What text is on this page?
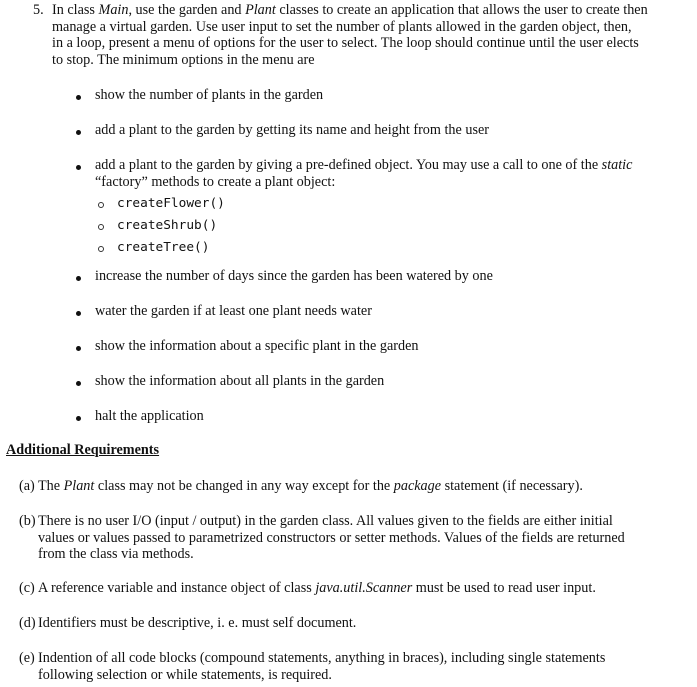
5. In class Main, use the garden and Plant classes to create an application that allows the user to create then
manage a virtual garden. Use user input to set the number of plants allowed in the garden object, then,
in a loop, present a menu of options for the user to select. The loop should continue until the user elects
to stop. The minimum options in the menu are
show the number of plants in the garden
add a plant to the garden by getting its name and height from the user
add a plant to the garden by giving a pre-defined object. You may use a call to one of the static
“factory” methods to create a plant object:
createFlower()
createShrub()
createTree()
increase the number of days since the garden has been watered by one
water the garden if at least one plant needs water
show the information about a specific plant in the garden
show the information about all plants in the garden
halt the application
Additional Requirements
(a) The Plant class may not be changed in any way except for the package statement (if necessary).
(b) There is no user I/O (input / output) in the garden class. All values given to the fields are either initial
values or values passed to parametrized constructors or setter methods. Values of the fields are returned
from the class via methods.
(c) A reference variable and instance object of class java.util.Scanner must be used to read user input.
(d) Identifiers must be descriptive, i. e. must self document.
(e) Indention of all code blocks (compound statements, anything in braces), including single statements
following selection or while statements, is required.
